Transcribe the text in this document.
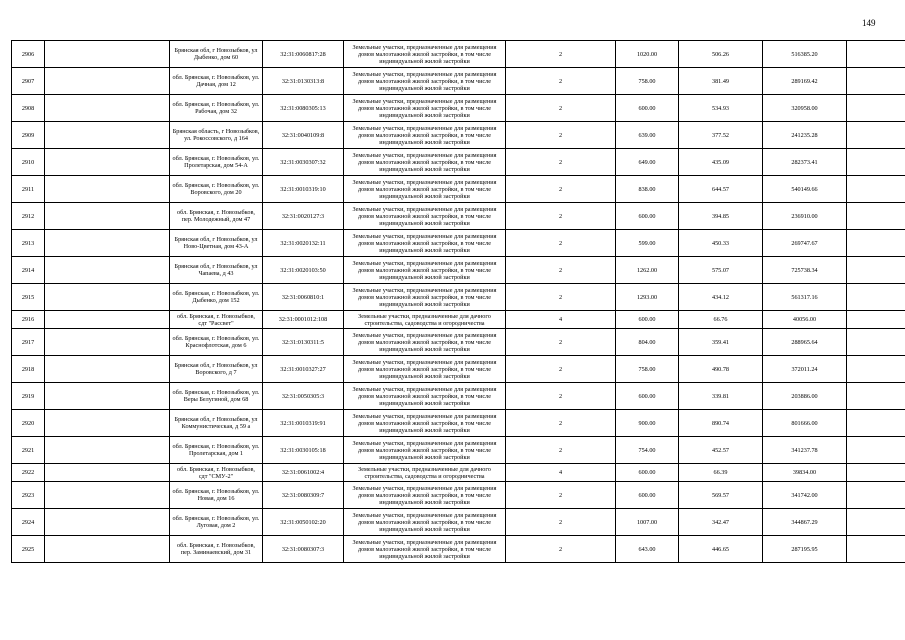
149
2906		Брянская обл, г Новозыбков, ул Дыбенко, дом 60	32:31:0060817:28	Земельные участки, предназначенные для размещения домов малоэтажной жилой застройки, в том числе индивидуальной жилой застройки	2	1020.00	506.26	516385.20	
2907		обл. Брянская, г. Новозыбков, ул. Дачная, дом 12	32:31:0130313:8	Земельные участки, предназначенные для размещения домов малоэтажной жилой застройки, в том числе индивидуальной жилой застройки	2	758.00	381.49	289169.42	
2908		обл. Брянская, г. Новозыбков, ул. Рабочая, дом 32	32:31:0080305:13	Земельные участки, предназначенные для размещения домов малоэтажной жилой застройки, в том числе индивидуальной жилой застройки	2	600.00	534.93	320958.00	
2909		Брянская область, г Новозыбков, ул. Рокоссовского, д 164	32:31:0040109:8	Земельные участки, предназначенные для размещения домов малоэтажной жилой застройки, в том числе индивидуальной жилой застройки	2	639.00	377.52	241235.28	
2910		обл. Брянская, г. Новозыбков, ул. Пролетарская, дом 54-А	32:31:0030307:32	Земельные участки, предназначенные для размещения домов малоэтажной жилой застройки, в том числе индивидуальной жилой застройки	2	649.00	435.09	282373.41	
2911		обл. Брянская, г. Новозыбков, ул. Воровского, дом 20	32:31:0010319:10	Земельные участки, предназначенные для размещения домов малоэтажной жилой застройки, в том числе индивидуальной жилой застройки	2	838.00	644.57	540149.66	
2912		обл. Брянская, г. Новозыбков, пер. Молодежный, дом 47	32:31:0020127:3	Земельные участки, предназначенные для размещения домов малоэтажной жилой застройки, в том числе индивидуальной жилой застройки	2	600.00	394.85	236910.00	
2913		Брянская обл, г Новозыбков, ул Ново-Цветная, дом 43-А	32:31:0020132:11	Земельные участки, предназначенные для размещения домов малоэтажной жилой застройки, в том числе индивидуальной жилой застройки	2	599.00	450.33	269747.67	
2914		Брянская обл, г Новозыбков, ул Чапаева, д 43	32:31:0020103:50	Земельные участки, предназначенные для размещения домов малоэтажной жилой застройки, в том числе индивидуальной жилой застройки	2	1262.00	575.07	725738.34	
2915		обл. Брянская, г. Новозыбков, ул. Дыбенко, дом 152	32:31:0060810:1	Земельные участки, предназначенные для размещения домов малоэтажной жилой застройки, в том числе индивидуальной жилой застройки	2	1293.00	434.12	561317.16	
2916		обл. Брянская, г. Новозыбков, сдт "Рассвет"	32:31:0001012:108	Земельные участки, предназначенные для дачного строительства, садоводства и огородничества	4	600.00	66.76	40056.00	
2917		обл. Брянская, г. Новозыбков, ул. Краснофлотская, дом 6	32:31:0130311:5	Земельные участки, предназначенные для размещения домов малоэтажной жилой застройки, в том числе индивидуальной жилой застройки	2	804.00	359.41	288965.64	
2918		Брянская обл, г Новозыбков, ул Воровского, д 7	32:31:0010327:27	Земельные участки, предназначенные для размещения домов малоэтажной жилой застройки, в том числе индивидуальной жилой застройки	2	758.00	490.78	372011.24	
2919		обл. Брянская, г. Новозыбков, ул. Веры Белугиной, дом 68	32:31:0050305:3	Земельные участки, предназначенные для размещения домов малоэтажной жилой застройки, в том числе индивидуальной жилой застройки	2	600.00	339.81	203886.00	
2920		Брянская обл, г Новозыбков, ул Коммунистическая, д 59 а	32:31:0010319:91	Земельные участки, предназначенные для размещения домов малоэтажной жилой застройки, в том числе индивидуальной жилой застройки	2	900.00	890.74	801666.00	
2921		обл. Брянская, г. Новозыбков, ул. Пролетарская, дом 1	32:31:0030105:18	Земельные участки, предназначенные для размещения домов малоэтажной жилой застройки, в том числе индивидуальной жилой застройки	2	754.00	452.57	341237.78	
2922		обл. Брянская, г. Новозыбков, сдт "СМУ-2"	32:31:0061002:4	Земельные участки, предназначенные для дачного строительства, садоводства и огородничества	4	600.00	66.39	39834.00	
2923		обл. Брянская, г. Новозыбков, ул. Новая, дом 16	32:31:0080309:7	Земельные участки, предназначенные для размещения домов малоэтажной жилой застройки, в том числе индивидуальной жилой застройки	2	600.00	569.57	341742.00	
2924		обл. Брянская, г. Новозыбков, ул. Луговая, дом 2	32:31:0050102:20	Земельные участки, предназначенные для размещения домов малоэтажной жилой застройки, в том числе индивидуальной жилой застройки	2	1007.00	342.47	344867.29	
2925		обл. Брянская, г. Новозыбков, пер. Заминаевский, дом 31	32:31:0080307:3	Земельные участки, предназначенные для размещения домов малоэтажной жилой застройки, в том числе индивидуальной жилой застройки	2	643.00	446.65	287195.95	
